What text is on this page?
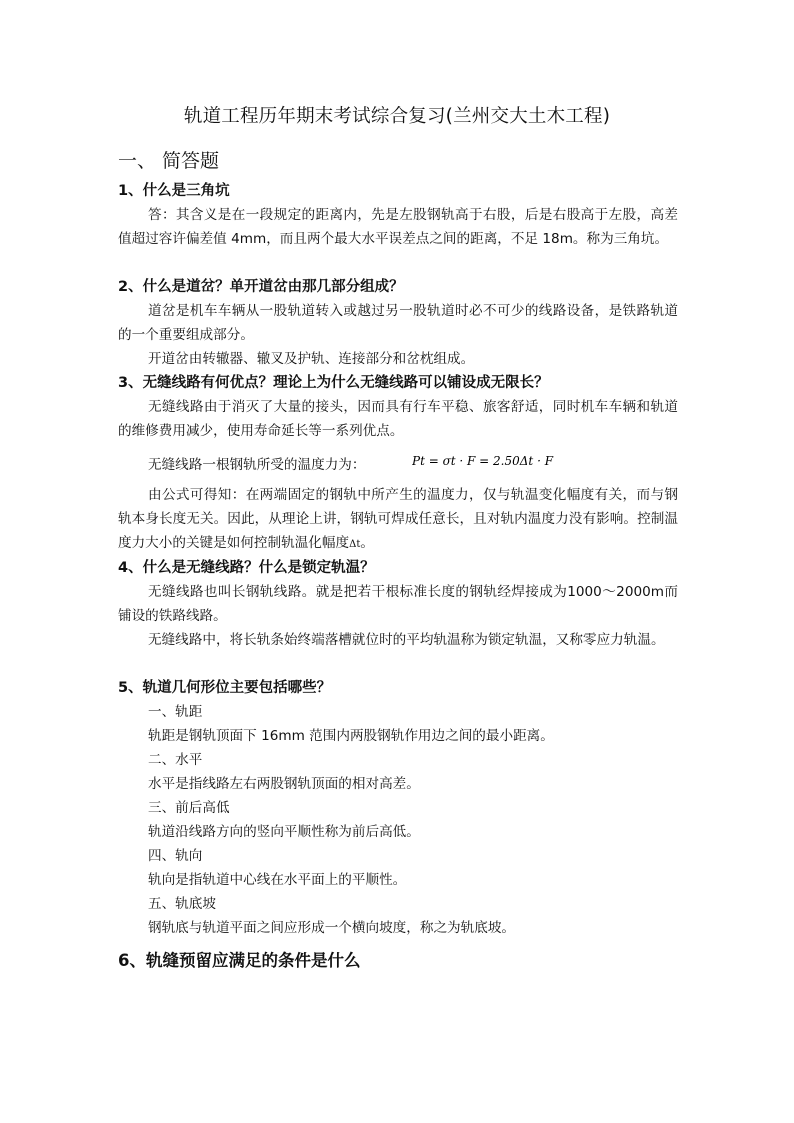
轨道工程历年期末考试综合复习(兰州交大土木工程)
一、 简答题
1、什么是三角坑
答：其含义是在一段规定的距离内，先是左股钢轨高于右股，后是右股高于左股，高差值超过容许偏差值 4mm，而且两个最大水平误差点之间的距离，不足 18m。称为三角坑。
2、什么是道岔？单开道岔由那几部分组成？
道岔是机车车辆从一股轨道转入或越过另一股轨道时必不可少的线路设备，是铁路轨道的一个重要组成部分。
开道岔由转辙器、辙叉及护轨、连接部分和岔枕组成。
3、无缝线路有何优点？理论上为什么无缝线路可以铺设成无限长？
无缝线路由于消灭了大量的接头，因而具有行车平稳、旅客舒适，同时机车车辆和轨道的维修费用减少，使用寿命延长等一系列优点。
无缝线路一根钢轨所受的温度力为：	Pt = σt · F = 2.50Δt · F
由公式可得知：在两端固定的钢轨中所产生的温度力，仅与轨温变化幅度有关，而与钢轨本身长度无关。因此，从理论上讲，钢轨可焊成任意长，且对轨内温度力没有影响。控制温度力大小的关键是如何控制轨温化幅度Δt。
4、什么是无缝线路？什么是锁定轨温？
无缝线路也叫长钢轨线路。就是把若干根标准长度的钢轨经焊接成为1000～2000m而铺设的铁路线路。
无缝线路中，将长轨条始终端落槽就位时的平均轨温称为锁定轨温，又称零应力轨温。
5、轨道几何形位主要包括哪些？
一、轨距
轨距是钢轨顶面下 16mm 范围内两股钢轨作用边之间的最小距离。
二、水平
水平是指线路左右两股钢轨顶面的相对高差。
三、前后高低
轨道沿线路方向的竖向平顺性称为前后高低。
四、轨向
轨向是指轨道中心线在水平面上的平顺性。
五、轨底坡
钢轨底与轨道平面之间应形成一个横向坡度，称之为轨底坡。
6、轨缝预留应满足的条件是什么
